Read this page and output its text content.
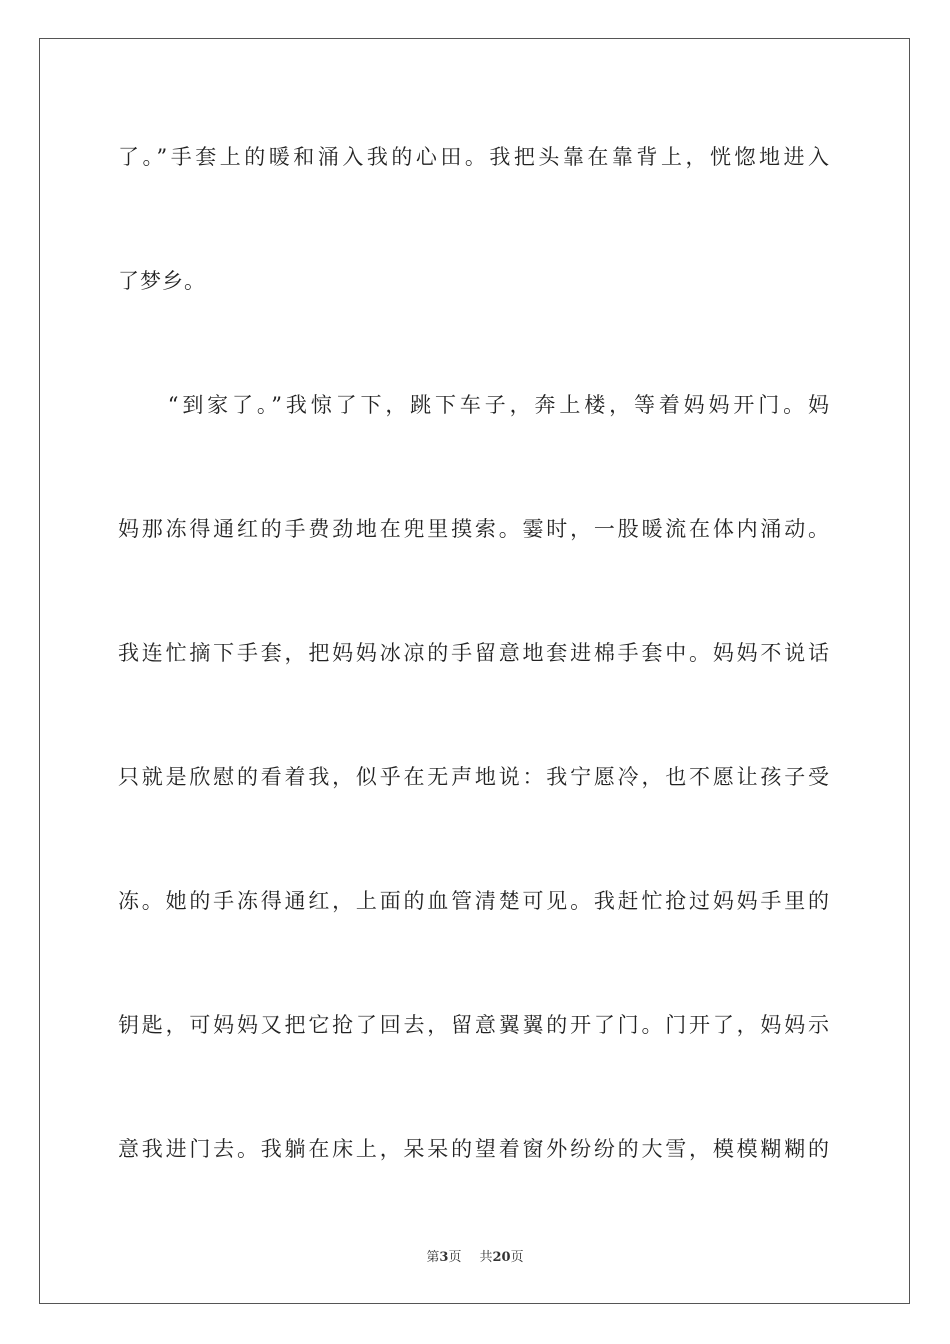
了。”手套上的暖和涌入我的心田。我把头靠在靠背上，恍惚地进入
了梦乡。
　　“到家了。”我惊了下，跳下车子，奔上楼，等着妈妈开门。妈
妈那冻得通红的手费劲地在兜里摸索。霎时，一股暖流在体内涌动。
我连忙摘下手套，把妈妈冰凉的手留意地套进棉手套中。妈妈不说话
只就是欣慰的看着我，似乎在无声地说：我宁愿冷，也不愿让孩子受
冻。她的手冻得通红，上面的血管清楚可见。我赶忙抢过妈妈手里的
钥匙，可妈妈又把它抢了回去，留意翼翼的开了门。门开了，妈妈示
意我进门去。我躺在床上，呆呆的望着窗外纷纷的大雪，模模糊糊的
第3页 共20页
